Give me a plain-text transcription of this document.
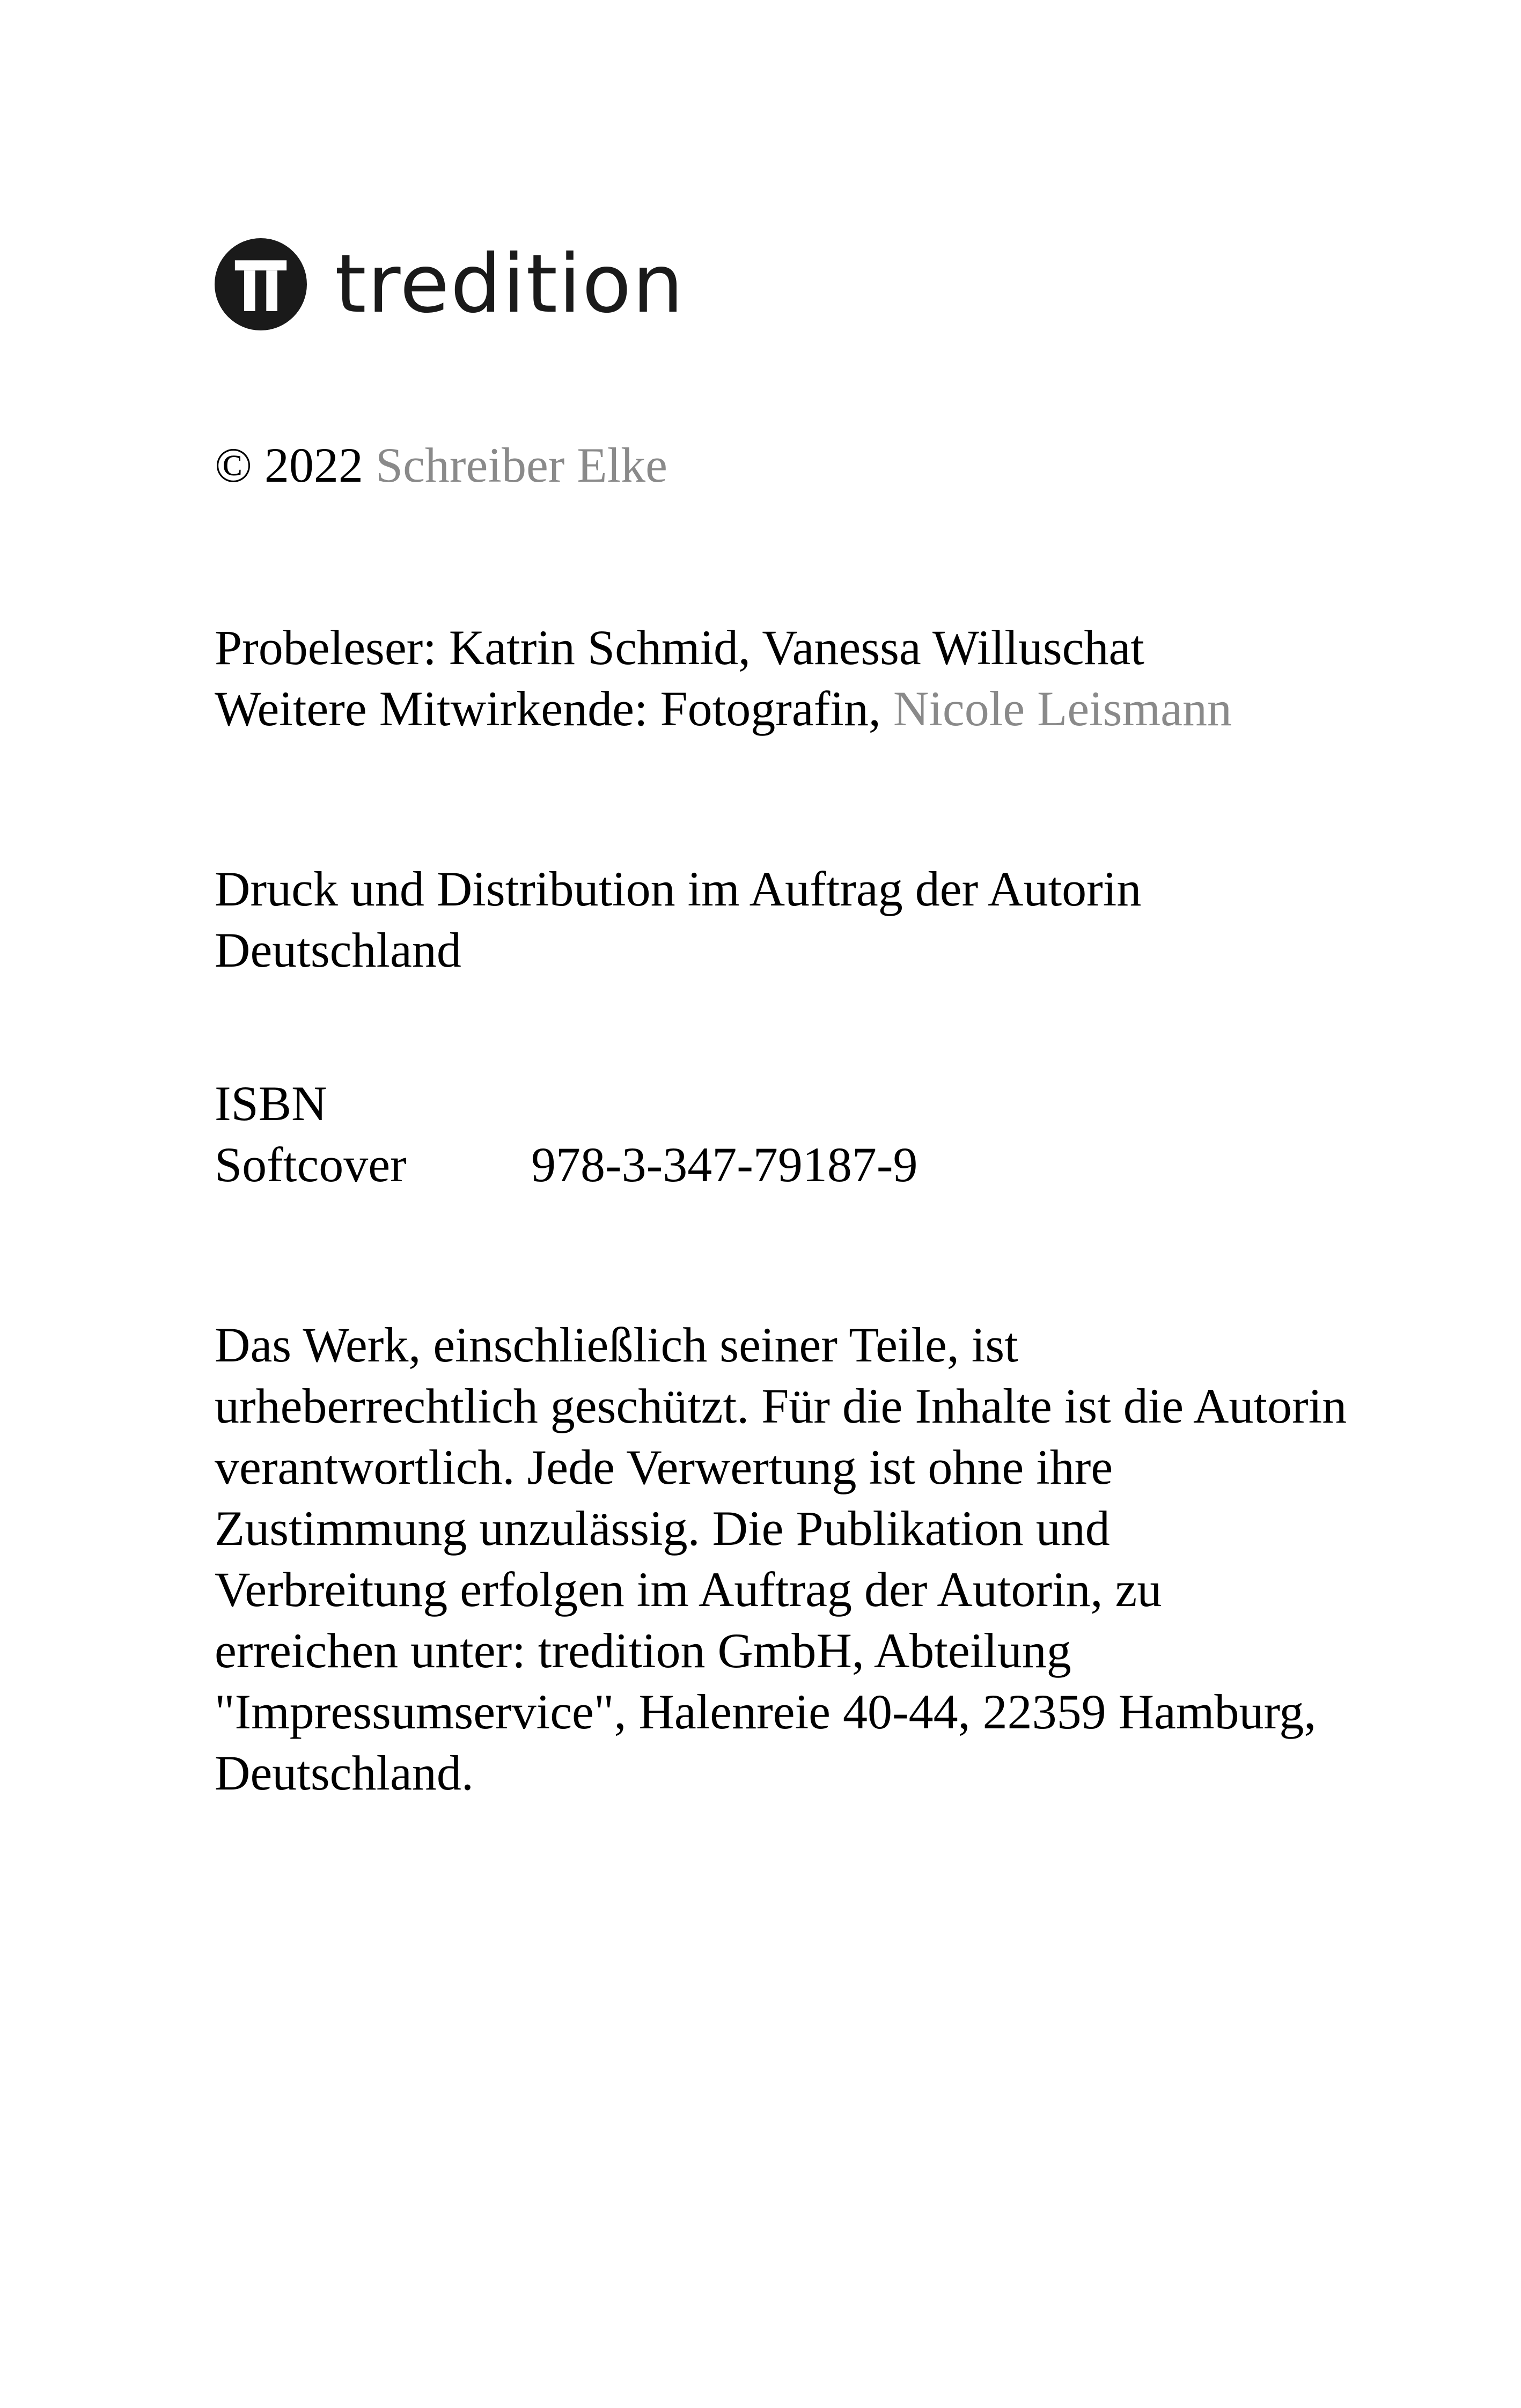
tredition
© 2022 Schreiber Elke
Probeleser: Katrin Schmid, Vanessa Willuschat
Weitere Mitwirkende: Fotografin, Nicole Leismann
Druck und Distribution im Auftrag der Autorin
Deutschland
ISBN
Softcover	978-3-347-79187-9
Das Werk, einschließlich seiner Teile, ist urheberrechtlich geschützt. Für die Inhalte ist die Autorin verantwortlich. Jede Verwertung ist ohne ihre Zustimmung unzulässig. Die Publikation und Verbreitung erfolgen im Auftrag der Autorin, zu erreichen unter: tredition GmbH, Abteilung "Impressumservice", Halenreie 40-44, 22359 Hamburg, Deutschland.
